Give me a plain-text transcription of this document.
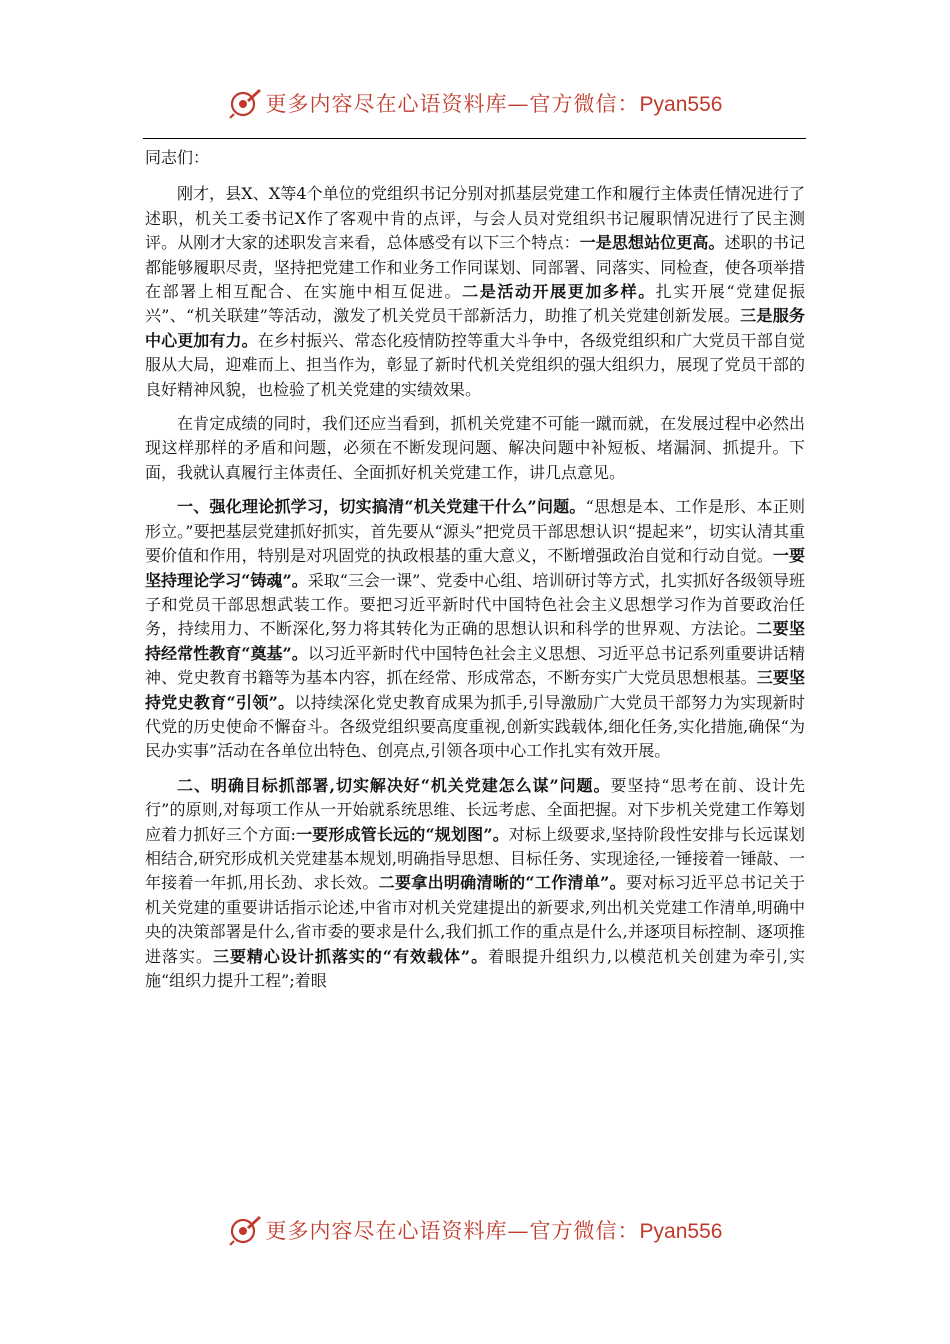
更多内容尽在心语资料库—官方微信：Pyan556

同志们：

刚才，县X、X等4个单位的党组织书记分别对抓基层党建工作和履行主体责任情况进行了述职，机关工委书记X作了客观中肯的点评，与会人员对党组织书记履职情况进行了民主测评。从刚才大家的述职发言来看，总体感受有以下三个特点：一是思想站位更高。述职的书记都能够履职尽责，坚持把党建工作和业务工作同谋划、同部署、同落实、同检查，使各项举措在部署上相互配合、在实施中相互促进。二是活动开展更加多样。扎实开展“党建促振兴”、“机关联建”等活动，激发了机关党员干部新活力，助推了机关党建创新发展。三是服务中心更加有力。在乡村振兴、常态化疫情防控等重大斗争中，各级党组织和广大党员干部自觉服从大局，迎难而上、担当作为，彰显了新时代机关党组织的强大组织力，展现了党员干部的良好精神风貌，也检验了机关党建的实绩效果。

在肯定成绩的同时，我们还应当看到，抓机关党建不可能一蹴而就，在发展过程中必然出现这样那样的矛盾和问题，必须在不断发现问题、解决问题中补短板、堵漏洞、抓提升。下面，我就认真履行主体责任、全面抓好机关党建工作，讲几点意见。

一、强化理论抓学习，切实搞清“机关党建干什么”问题。“思想是本、工作是形、本正则形立。”要把基层党建抓好抓实，首先要从“源头”把党员干部思想认识“提起来”，切实认清其重要价值和作用，特别是对巩固党的执政根基的重大意义，不断增强政治自觉和行动自觉。一要坚持理论学习“铸魂”。采取“三会一课”、党委中心组、培训研讨等方式，扎实抓好各级领导班子和党员干部思想武装工作。要把习近平新时代中国特色社会主义思想学习作为首要政治任务，持续用力、不断深化,努力将其转化为正确的思想认识和科学的世界观、方法论。二要坚持经常性教育“奠基”。以习近平新时代中国特色社会主义思想、习近平总书记系列重要讲话精神、党史教育书籍等为基本内容，抓在经常、形成常态，不断夯实广大党员思想根基。三要坚持党史教育“引领”。以持续深化党史教育成果为抓手,引导激励广大党员干部努力为实现新时代党的历史使命不懈奋斗。各级党组织要高度重视,创新实践载体,细化任务,实化措施,确保“为民办实事”活动在各单位出特色、创亮点,引领各项中心工作扎实有效开展。

二、明确目标抓部署,切实解决好“机关党建怎么谋”问题。要坚持“思考在前、设计先行”的原则,对每项工作从一开始就系统思维、长远考虑、全面把握。对下步机关党建工作筹划应着力抓好三个方面:一要形成管长远的“规划图”。对标上级要求,坚持阶段性安排与长远谋划相结合,研究形成机关党建基本规划,明确指导思想、目标任务、实现途径,一锤接着一锤敲、一年接着一年抓,用长劲、求长效。二要拿出明确清晰的“工作清单”。要对标习近平总书记关于机关党建的重要讲话指示论述,中省市对机关党建提出的新要求,列出机关党建工作清单,明确中央的决策部署是什么,省市委的要求是什么,我们抓工作的重点是什么,并逐项目标控制、逐项推进落实。三要精心设计抓落实的“有效载体”。着眼提升组织力,以模范机关创建为牵引,实施“组织力提升工程”;着眼

更多内容尽在心语资料库—官方微信：Pyan556
